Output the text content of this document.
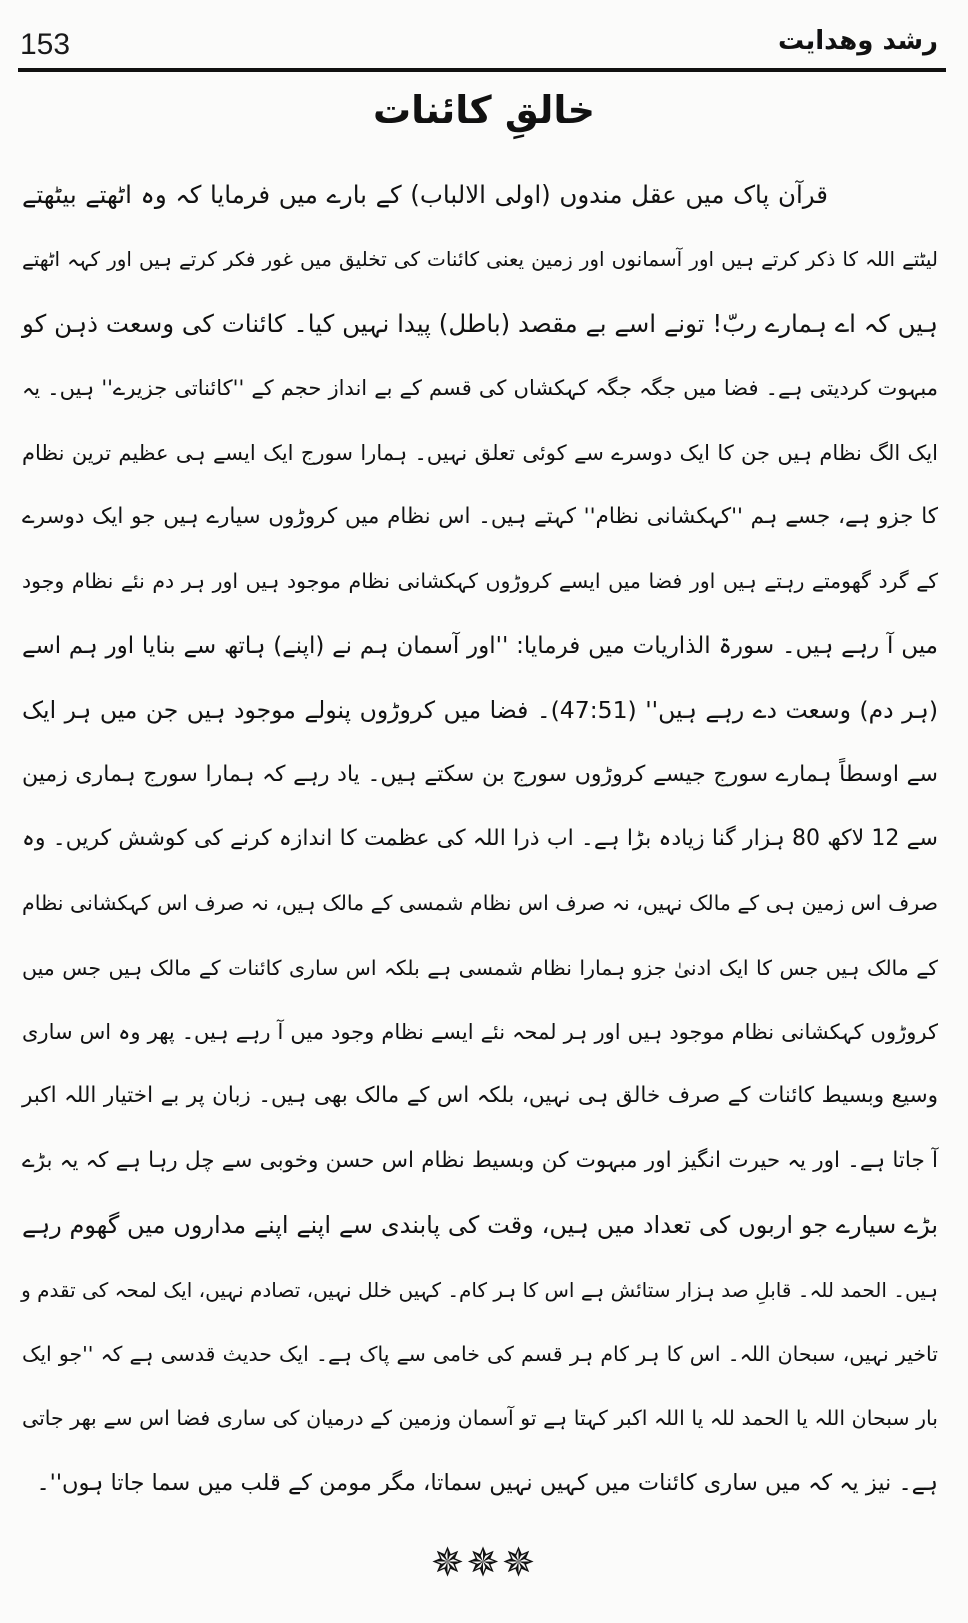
153	رشد وھدایت
خالقِ کائنات
قرآن پاک میں عقل مندوں (اولی الالباب) کے بارے میں فرمایا کہ وہ اٹھتے بیٹھتے
لیٹتے اللہ کا ذکر کرتے ہیں اور آسمانوں اور زمین یعنی کائنات کی تخلیق میں غور فکر کرتے ہیں اور کہہ اٹھتے
ہیں کہ اے ہمارے ربّ! تونے اسے بے مقصد (باطل) پیدا نہیں کیا۔ کائنات کی وسعت ذہن کو
مبہوت کردیتی ہے۔ فضا میں جگہ جگہ کہکشاں کی قسم کے بے انداز حجم کے ''کائناتی جزیرے'' ہیں۔ یہ
ایک الگ نظام ہیں جن کا ایک دوسرے سے کوئی تعلق نہیں۔ ہمارا سورج ایک ایسے ہی عظیم ترین نظام
کا جزو ہے، جسے ہم ''کہکشانی نظام'' کہتے ہیں۔ اس نظام میں کروڑوں سیارے ہیں جو ایک دوسرے
کے گرد گھومتے رہتے ہیں اور فضا میں ایسے کروڑوں کہکشانی نظام موجود ہیں اور ہر دم نئے نظام وجود
میں آ رہے ہیں۔ سورۃ الذاریات میں فرمایا: ''اور آسمان ہم نے (اپنے) ہاتھ سے بنایا اور ہم اسے
(ہر دم) وسعت دے رہے ہیں'' (47:51)۔ فضا میں کروڑوں پنولے موجود ہیں جن میں ہر ایک
سے اوسطاً ہمارے سورج جیسے کروڑوں سورج بن سکتے ہیں۔ یاد رہے کہ ہمارا سورج ہماری زمین
سے 12 لاکھ 80 ہزار گنا زیادہ بڑا ہے۔ اب ذرا اللہ کی عظمت کا اندازہ کرنے کی کوشش کریں۔ وہ
صرف اس زمین ہی کے مالک نہیں، نہ صرف اس نظام شمسی کے مالک ہیں، نہ صرف اس کہکشانی نظام
کے مالک ہیں جس کا ایک ادنیٰ جزو ہمارا نظام شمسی ہے بلکہ اس ساری کائنات کے مالک ہیں جس میں
کروڑوں کہکشانی نظام موجود ہیں اور ہر لمحہ نئے ایسے نظام وجود میں آ رہے ہیں۔ پھر وہ اس ساری
وسیع وبسیط کائنات کے صرف خالق ہی نہیں، بلکہ اس کے مالک بھی ہیں۔ زبان پر بے اختیار اللہ اکبر
آ جاتا ہے۔ اور یہ حیرت انگیز اور مبہوت کن وبسیط نظام اس حسن وخوبی سے چل رہا ہے کہ یہ بڑے
بڑے سیارے جو اربوں کی تعداد میں ہیں، وقت کی پابندی سے اپنے اپنے مداروں میں گھوم رہے
ہیں۔ الحمد للہ۔ قابلِ صد ہزار ستائش ہے اس کا ہر کام۔ کہیں خلل نہیں، تصادم نہیں، ایک لمحہ کی تقدم و
تاخیر نہیں، سبحان اللہ۔ اس کا ہر کام ہر قسم کی خامی سے پاک ہے۔ ایک حدیث قدسی ہے کہ ''جو ایک
بار سبحان اللہ یا الحمد للہ یا اللہ اکبر کہتا ہے تو آسمان وزمین کے درمیان کی ساری فضا اس سے بھر جاتی
ہے۔ نیز یہ کہ میں ساری کائنات میں کہیں نہیں سماتا، مگر مومن کے قلب میں سما جاتا ہوں''۔
✵✵✵
